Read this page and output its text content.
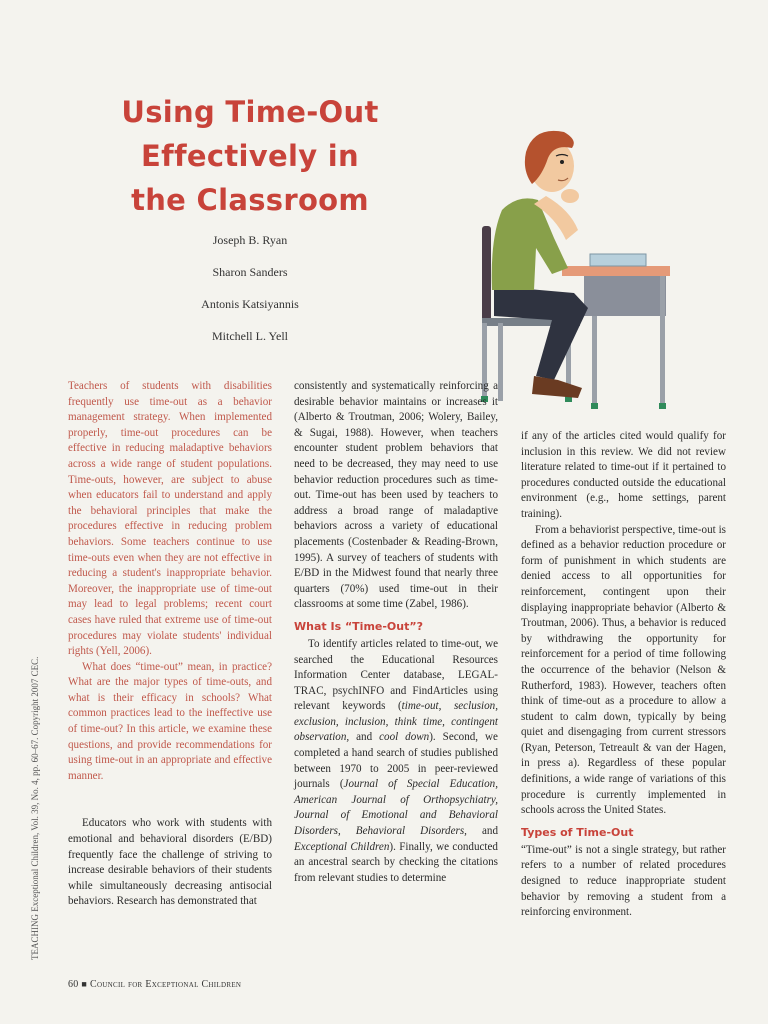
Using Time-Out
Effectively in
the Classroom
Joseph B. Ryan
Sharon Sanders
Antonis Katsiyannis
Mitchell L. Yell

Teachers of students with disabilities frequently use time-out as a behavior management strategy. When implemented properly, time-out procedures can be effective in reducing maladaptive behaviors across a wide range of student populations. Time-outs, however, are subject to abuse when educators fail to understand and apply the behavioral principles that make the procedures effective in reducing problem behaviors. Some teachers continue to use time-outs even when they are not effective in reducing a student's inappropriate behavior. Moreover, the inappropriate use of time-out may lead to legal problems; recent court cases have ruled that extreme use of time-out procedures may violate students' individual rights (Yell, 2006).

What does “time-out” mean, in practice? What are the major types of time-outs, and what is their efficacy in schools? What common practices lead to the ineffective use of time-out? In this article, we examine these questions, and provide recommendations for using time-out in an appropriate and effective manner.

Educators who work with students with emotional and behavioral disorders (E/BD) frequently face the challenge of striving to increase desirable behaviors of their students while simultaneously decreasing antisocial behaviors. Research has demonstrated that

consistently and systematically reinforcing a desirable behavior maintains or increases it (Alberto & Troutman, 2006; Wolery, Bailey, & Sugai, 1988). However, when teachers encounter student problem behaviors that need to be decreased, they may need to use behavior reduction procedures such as time-out. Time-out has been used by teachers to address a broad range of maladaptive behaviors across a variety of educational placements (Costenbader & Reading-Brown, 1995). A survey of teachers of students with E/BD in the Midwest found that nearly three quarters (70%) used time-out in their classrooms at some time (Zabel, 1986).

What Is “Time-Out”?

To identify articles related to time-out, we searched the Educational Resources Information Center database, LEGAL-TRAC, psychINFO and FindArticles using relevant keywords (time-out, seclusion, exclusion, inclusion, think time, contingent observation, and cool down). Second, we completed a hand search of studies published between 1970 to 2005 in peer-reviewed journals (Journal of Special Education, American Journal of Orthopsychiatry, Journal of Emotional and Behavioral Disorders, Behavioral Disorders, and Exceptional Children). Finally, we conducted an ancestral search by checking the citations from relevant studies to determine

if any of the articles cited would qualify for inclusion in this review. We did not review literature related to time-out if it pertained to procedures conducted outside the educational environment (e.g., home settings, parent training).

From a behaviorist perspective, time-out is defined as a behavior reduction procedure or form of punishment in which students are denied access to all opportunities for reinforcement, contingent upon their displaying inappropriate behavior (Alberto & Troutman, 2006). Thus, a behavior is reduced by withdrawing the opportunity for reinforcement for a period of time following the occurrence of the behavior (Nelson & Rutherford, 1983). However, teachers often think of time-out as a procedure to allow a student to calm down, typically by being quiet and disengaging from current stressors (Ryan, Peterson, Tetreault & van der Hagen, in press a). Regardless of these popular definitions, a wide range of variations of this procedure is currently implemented in schools across the United States.

Types of Time-Out

“Time-out” is not a single strategy, but rather refers to a number of related procedures designed to reduce inappropriate student behavior by removing a student from a reinforcing environment.

TEACHING Exceptional Children, Vol. 39, No. 4, pp. 60–67. Copyright 2007 CEC.
60 ■ Council for Exceptional Children
